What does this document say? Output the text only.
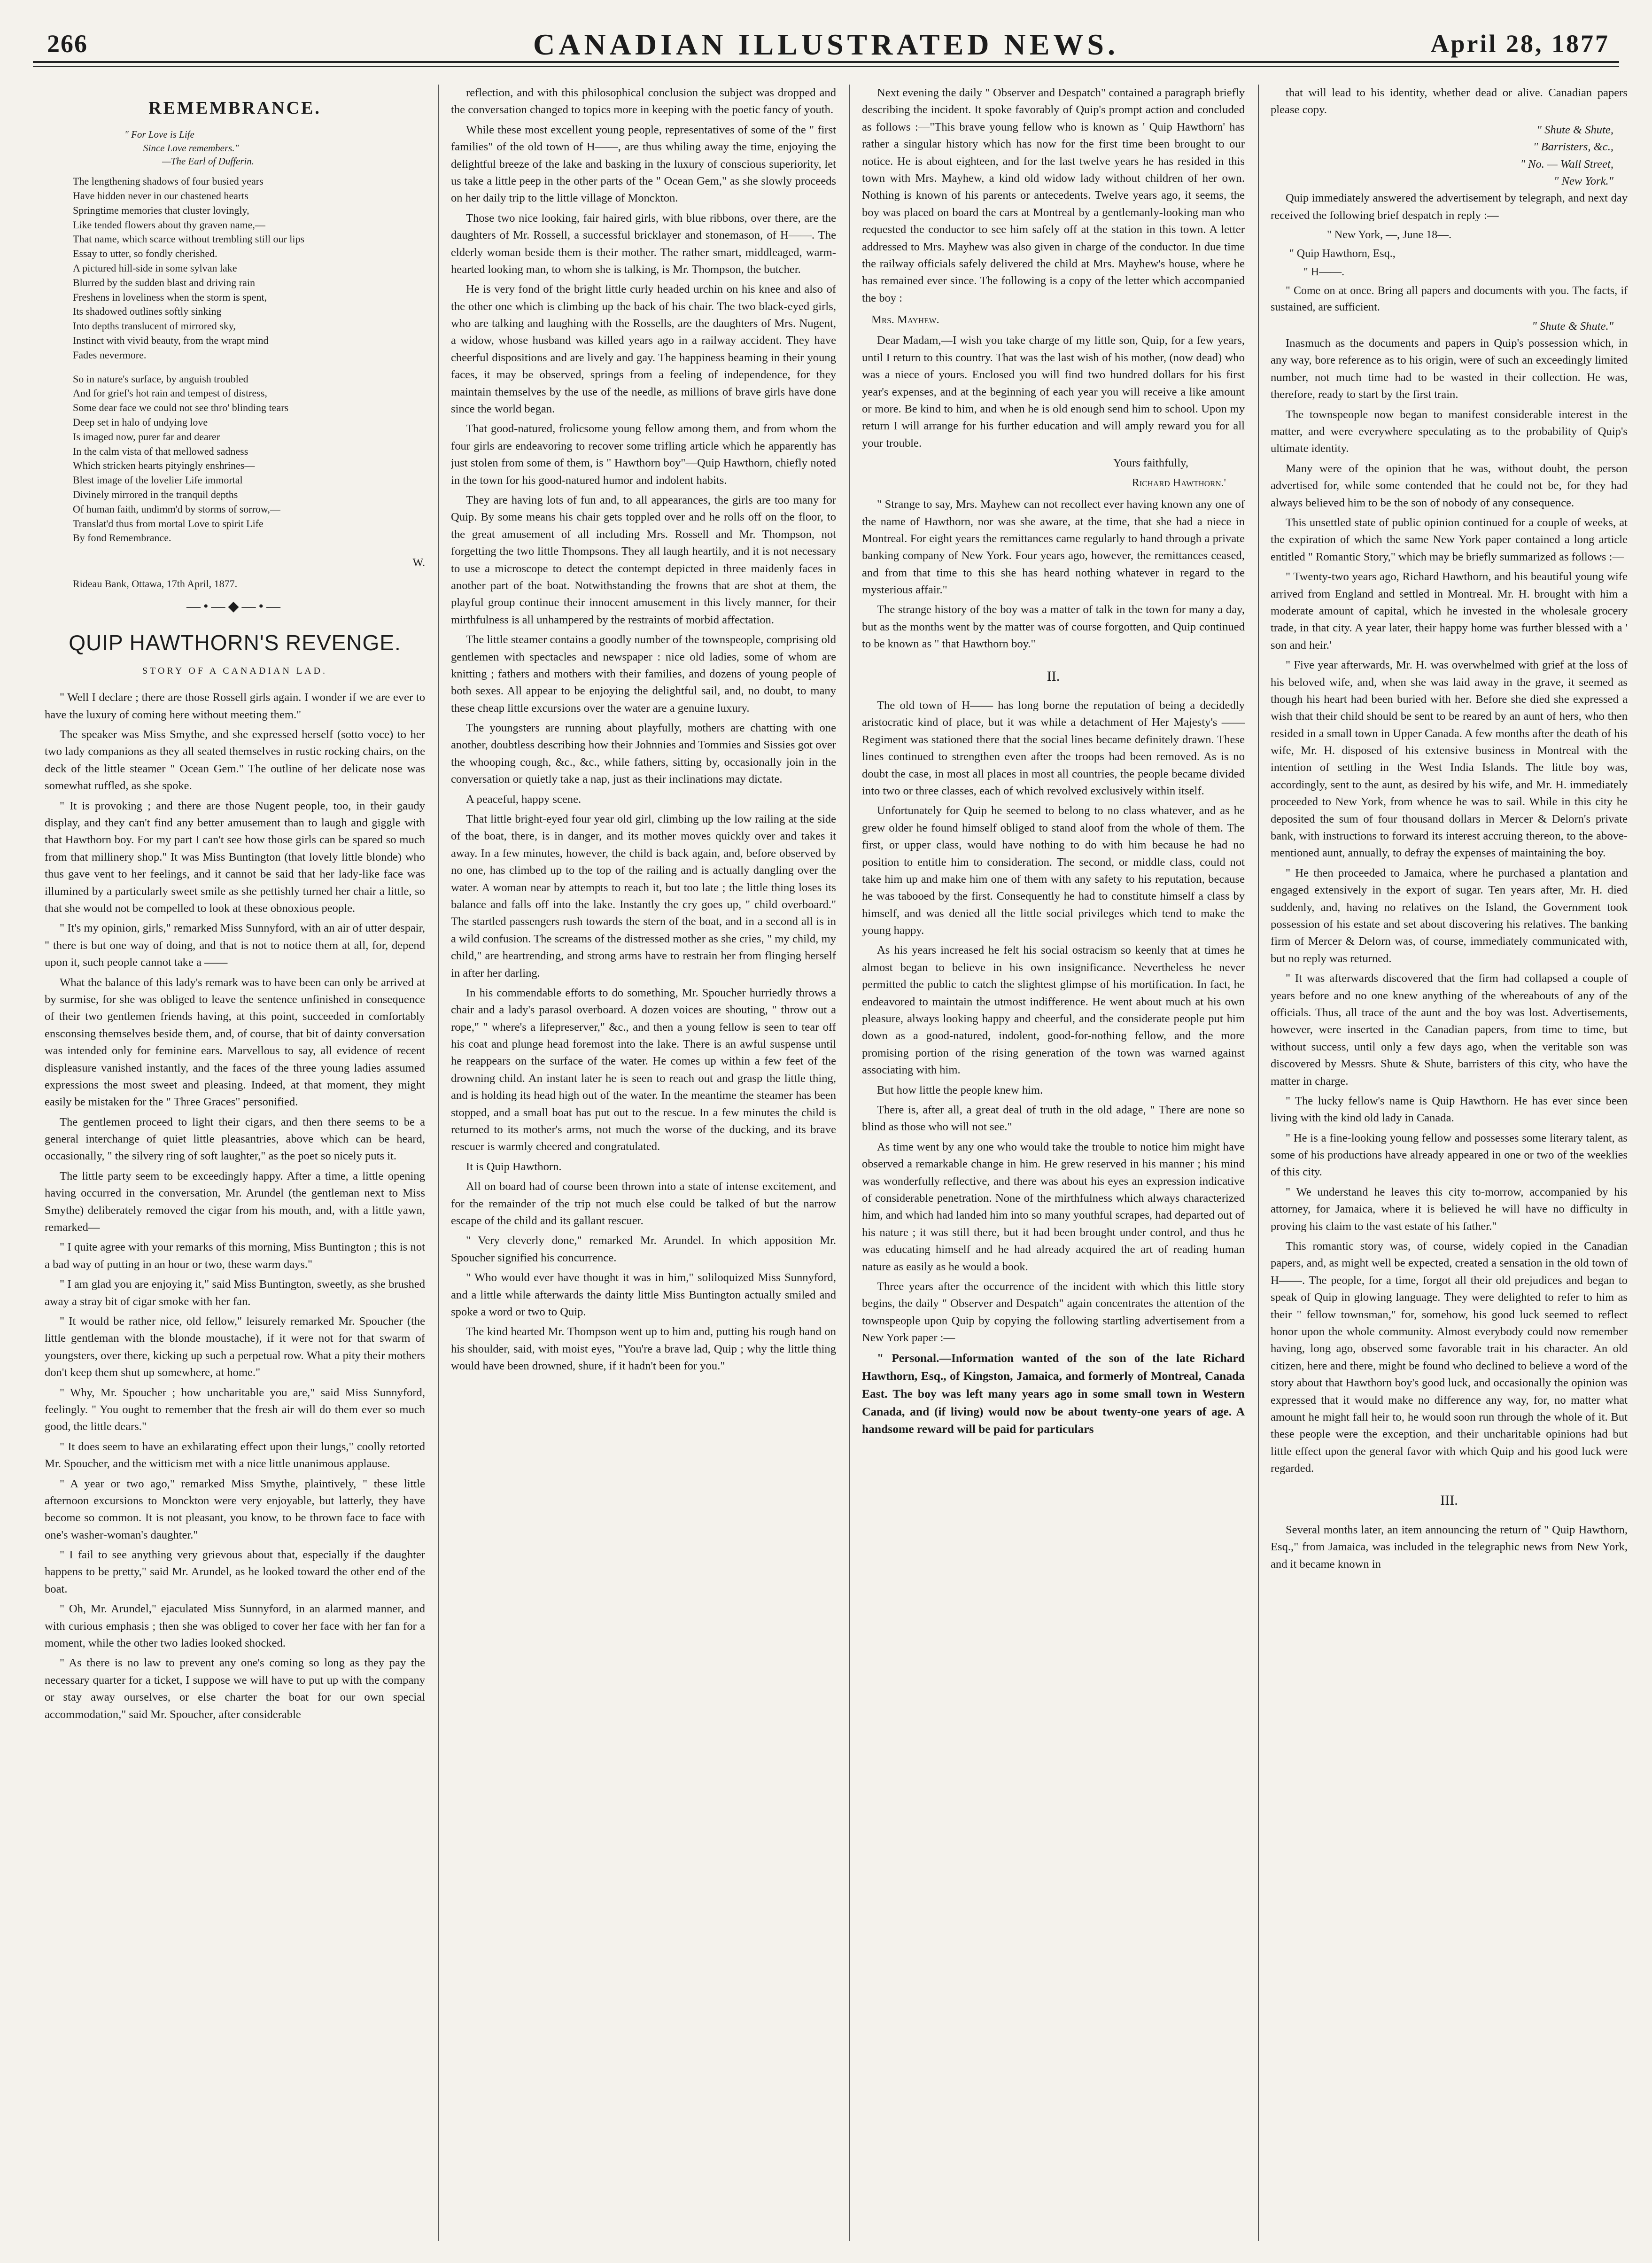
266	CANADIAN ILLUSTRATED NEWS.	April 28, 1877
REMEMBRANCE.
" For Love is Life
Since Love remembers."
—The Earl of Dufferin.
The lengthening shadows of four busied years
Have hidden never in our chastened hearts
Springtime memories that cluster lovingly,
Like tended flowers about thy graven name,—
That name, which scarce without trembling still our lips
Essay to utter, so fondly cherished.
A pictured hill-side in some sylvan lake
Blurred by the sudden blast and driving rain
Freshens in loveliness when the storm is spent,
Its shadowed outlines softly sinking
Into depths translucent of mirrored sky,
Instinct with vivid beauty, from the wrapt mind
Fades nevermore.
So in nature's surface, by anguish troubled
And for grief's hot rain and tempest of distress,
Some dear face we could not see thro' blinding tears
Deep set in halo of undying love
Is imaged now, purer far and dearer
In the calm vista of that mellowed sadness
Which stricken hearts pityingly enshrines—
Blest image of the lovelier Life immortal
Divinely mirrored in the tranquil depths
Of human faith, undimm'd by storms of sorrow,—
Translat'd thus from mortal Love to spirit Life
By fond Remembrance.
W.
Rideau Bank, Ottawa, 17th April, 1877.
—•—◆—•—
QUIP HAWTHORN'S REVENGE.
STORY OF A CANADIAN LAD.

" Well I declare ; there are those Rossell girls again. I wonder if we are ever to have the luxury of coming here without meeting them."

The speaker was Miss Smythe, and she expressed herself (sotto voce) to her two lady companions as they all seated themselves in rustic rocking chairs, on the deck of the little steamer " Ocean Gem." The outline of her delicate nose was somewhat ruffled, as she spoke.

" It is provoking ; and there are those Nugent people, too, in their gaudy display, and they can't find any better amusement than to laugh and giggle with that Hawthorn boy. For my part I can't see how those girls can be spared so much from that millinery shop." It was Miss Buntington (that lovely little blonde) who thus gave vent to her feelings, and it cannot be said that her lady-like face was illumined by a particularly sweet smile as she pettishly turned her chair a little, so that she would not be compelled to look at these obnoxious people.

" It's my opinion, girls," remarked Miss Sunnyford, with an air of utter despair, " there is but one way of doing, and that is not to notice them at all, for, depend upon it, such people cannot take a ——

What the balance of this lady's remark was to have been can only be arrived at by surmise, for she was obliged to leave the sentence unfinished in consequence of their two gentlemen friends having, at this point, succeeded in comfortably ensconsing themselves beside them, and, of course, that bit of dainty conversation was intended only for feminine ears. Marvellous to say, all evidence of recent displeasure vanished instantly, and the faces of the three young ladies assumed expressions the most sweet and pleasing. Indeed, at that moment, they might easily be mistaken for the " Three Graces" personified.

The gentlemen proceed to light their cigars, and then there seems to be a general interchange of quiet little pleasantries, above which can be heard, occasionally, " the silvery ring of soft laughter," as the poet so nicely puts it.

The little party seem to be exceedingly happy. After a time, a little opening having occurred in the conversation, Mr. Arundel (the gentleman next to Miss Smythe) deliberately removed the cigar from his mouth, and, with a little yawn, remarked—

" I quite agree with your remarks of this morning, Miss Buntington ; this is not a bad way of putting in an hour or two, these warm days."

" I am glad you are enjoying it," said Miss Buntington, sweetly, as she brushed away a stray bit of cigar smoke with her fan.

" It would be rather nice, old fellow," leisurely remarked Mr. Spoucher (the little gentleman with the blonde moustache), if it were not for that swarm of youngsters, over there, kicking up such a perpetual row. What a pity their mothers don't keep them shut up somewhere, at home."

" Why, Mr. Spoucher ; how uncharitable you are," said Miss Sunnyford, feelingly. " You ought to remember that the fresh air will do them ever so much good, the little dears."

" It does seem to have an exhilarating effect upon their lungs," coolly retorted Mr. Spoucher, and the witticism met with a nice little unanimous applause.

" A year or two ago," remarked Miss Smythe, plaintively, " these little afternoon excursions to Monckton were very enjoyable, but latterly, they have become so common. It is not pleasant, you know, to be thrown face to face with one's washer-woman's daughter."

" I fail to see anything very grievous about that, especially if the daughter happens to be pretty," said Mr. Arundel, as he looked toward the other end of the boat.

" Oh, Mr. Arundel," ejaculated Miss Sunnyford, in an alarmed manner, and with curious emphasis ; then she was obliged to cover her face with her fan for a moment, while the other two ladies looked shocked.

" As there is no law to prevent any one's coming so long as they pay the necessary quarter for a ticket, I suppose we will have to put up with the company or stay away ourselves, or else charter the boat for our own special accommodation," said Mr. Spoucher, after considerable

reflection, and with this philosophical conclusion the subject was dropped and the conversation changed to topics more in keeping with the poetic fancy of youth.

While these most excellent young people, representatives of some of the " first families" of the old town of H——, are thus whiling away the time, enjoying the delightful breeze of the lake and basking in the luxury of conscious superiority, let us take a little peep in the other parts of the " Ocean Gem," as she slowly proceeds on her daily trip to the little village of Monckton.

Those two nice looking, fair haired girls, with blue ribbons, over there, are the daughters of Mr. Rossell, a successful bricklayer and stonemason, of H——. The elderly woman beside them is their mother. The rather smart, middleaged, warm-hearted looking man, to whom she is talking, is Mr. Thompson, the butcher.

He is very fond of the bright little curly headed urchin on his knee and also of the other one which is climbing up the back of his chair. The two black-eyed girls, who are talking and laughing with the Rossells, are the daughters of Mrs. Nugent, a widow, whose husband was killed years ago in a railway accident. They have cheerful dispositions and are lively and gay. The happiness beaming in their young faces, it may be observed, springs from a feeling of independence, for they maintain themselves by the use of the needle, as millions of brave girls have done since the world began.

That good-natured, frolicsome young fellow among them, and from whom the four girls are endeavoring to recover some trifling article which he apparently has just stolen from some of them, is " Hawthorn boy"—Quip Hawthorn, chiefly noted in the town for his good-natured humor and indolent habits.

They are having lots of fun and, to all appearances, the girls are too many for Quip. By some means his chair gets toppled over and he rolls off on the floor, to the great amusement of all including Mrs. Rossell and Mr. Thompson, not forgetting the two little Thompsons. They all laugh heartily, and it is not necessary to use a microscope to detect the contempt depicted in three maidenly faces in another part of the boat. Notwithstanding the frowns that are shot at them, the playful group continue their innocent amusement in this lively manner, for their mirthfulness is all unhampered by the restraints of morbid affectation.

The little steamer contains a goodly number of the townspeople, comprising old gentlemen with spectacles and newspaper : nice old ladies, some of whom are knitting ; fathers and mothers with their families, and dozens of young people of both sexes. All appear to be enjoying the delightful sail, and, no doubt, to many these cheap little excursions over the water are a genuine luxury.

The youngsters are running about playfully, mothers are chatting with one another, doubtless describing how their Johnnies and Tommies and Sissies got over the whooping cough, &c., &c., while fathers, sitting by, occasionally join in the conversation or quietly take a nap, just as their inclinations may dictate.

A peaceful, happy scene.

That little bright-eyed four year old girl, climbing up the low railing at the side of the boat, there, is in danger, and its mother moves quickly over and takes it away. In a few minutes, however, the child is back again, and, before observed by no one, has climbed up to the top of the railing and is actually dangling over the water. A woman near by attempts to reach it, but too late ; the little thing loses its balance and falls off into the lake. Instantly the cry goes up, " child overboard." The startled passengers rush towards the stern of the boat, and in a second all is in a wild confusion. The screams of the distressed mother as she cries, " my child, my child," are heartrending, and strong arms have to restrain her from flinging herself in after her darling.

In his commendable efforts to do something, Mr. Spoucher hurriedly throws a chair and a lady's parasol overboard. A dozen voices are shouting, " throw out a rope," " where's a lifepreserver," &c., and then a young fellow is seen to tear off his coat and plunge head foremost into the lake. There is an awful suspense until he reappears on the surface of the water. He comes up within a few feet of the drowning child. An instant later he is seen to reach out and grasp the little thing, and is holding its head high out of the water. In the meantime the steamer has been stopped, and a small boat has put out to the rescue. In a few minutes the child is returned to its mother's arms, not much the worse of the ducking, and its brave rescuer is warmly cheered and congratulated.

It is Quip Hawthorn.

All on board had of course been thrown into a state of intense excitement, and for the remainder of the trip not much else could be talked of but the narrow escape of the child and its gallant rescuer.

" Very cleverly done," remarked Mr. Arundel. In which apposition Mr. Spoucher signified his concurrence.

" Who would ever have thought it was in him," soliloquized Miss Sunnyford, and a little while afterwards the dainty little Miss Buntington actually smiled and spoke a word or two to Quip.

The kind hearted Mr. Thompson went up to him and, putting his rough hand on his shoulder, said, with moist eyes, "You're a brave lad, Quip ; why the little thing would have been drowned, shure, if it hadn't been for you."

Next evening the daily " Observer and Despatch" contained a paragraph briefly describing the incident. It spoke favorably of Quip's prompt action and concluded as follows :—"This brave young fellow who is known as ' Quip Hawthorn' has rather a singular history which has now for the first time been brought to our notice. He is about eighteen, and for the last twelve years he has resided in this town with Mrs. Mayhew, a kind old widow lady without children of her own. Nothing is known of his parents or antecedents. Twelve years ago, it seems, the boy was placed on board the cars at Montreal by a gentlemanly-looking man who requested the conductor to see him safely off at the station in this town. A letter addressed to Mrs. Mayhew was also given in charge of the conductor. In due time the railway officials safely delivered the child at Mrs. Mayhew's house, where he has remained ever since. The following is a copy of the letter which accompanied the boy :

Mrs. Mayhew.

Dear Madam,—I wish you take charge of my little son, Quip, for a few years, until I return to this country. That was the last wish of his mother, (now dead) who was a niece of yours. Enclosed you will find two hundred dollars for his first year's expenses, and at the beginning of each year you will receive a like amount or more. Be kind to him, and when he is old enough send him to school. Upon my return I will arrange for his further education and will amply reward you for all your trouble.

Yours faithfully,

Richard Hawthorn.'

" Strange to say, Mrs. Mayhew can not recollect ever having known any one of the name of Hawthorn, nor was she aware, at the time, that she had a niece in Montreal. For eight years the remittances came regularly to hand through a private banking company of New York. Four years ago, however, the remittances ceased, and from that time to this she has heard nothing whatever in regard to the mysterious affair."

The strange history of the boy was a matter of talk in the town for many a day, but as the months went by the matter was of course forgotten, and Quip continued to be known as " that Hawthorn boy."

II.

The old town of H—— has long borne the reputation of being a decidedly aristocratic kind of place, but it was while a detachment of Her Majesty's —— Regiment was stationed there that the social lines became definitely drawn. These lines continued to strengthen even after the troops had been removed. As is no doubt the case, in most all places in most all countries, the people became divided into two or three classes, each of which revolved exclusively within itself.

Unfortunately for Quip he seemed to belong to no class whatever, and as he grew older he found himself obliged to stand aloof from the whole of them. The first, or upper class, would have nothing to do with him because he had no position to entitle him to consideration. The second, or middle class, could not take him up and make him one of them with any safety to his reputation, because he was tabooed by the first. Consequently he had to constitute himself a class by himself, and was denied all the little social privileges which tend to make the young happy.

As his years increased he felt his social ostracism so keenly that at times he almost began to believe in his own insignificance. Nevertheless he never permitted the public to catch the slightest glimpse of his mortification. In fact, he endeavored to maintain the utmost indifference. He went about much at his own pleasure, always looking happy and cheerful, and the considerate people put him down as a good-natured, indolent, good-for-nothing fellow, and the more promising portion of the rising generation of the town was warned against associating with him.

But how little the people knew him.

There is, after all, a great deal of truth in the old adage, " There are none so blind as those who will not see."

As time went by any one who would take the trouble to notice him might have observed a remarkable change in him. He grew reserved in his manner ; his mind was wonderfully reflective, and there was about his eyes an expression indicative of considerable penetration. None of the mirthfulness which always characterized him, and which had landed him into so many youthful scrapes, had departed out of his nature ; it was still there, but it had been brought under control, and thus he was educating himself and he had already acquired the art of reading human nature as easily as he would a book.

Three years after the occurrence of the incident with which this little story begins, the daily " Observer and Despatch" again concentrates the attention of the townspeople upon Quip by copying the following startling advertisement from a New York paper :—

" Personal.—Information wanted of the son of the late Richard Hawthorn, Esq., of Kingston, Jamaica, and formerly of Montreal, Canada East. The boy was left many years ago in some small town in Western Canada, and (if living) would now be about twenty-one years of age. A handsome reward will be paid for particulars

that will lead to his identity, whether dead or alive. Canadian papers please copy.

" Shute & Shute,

" Barristers, &c.,

" No. — Wall Street,

" New York."

Quip immediately answered the advertisement by telegraph, and next day received the following brief despatch in reply :—

" New York, —, June 18—.

" Quip Hawthorn, Esq.,

" H——.

" Come on at once. Bring all papers and documents with you. The facts, if sustained, are sufficient.

" Shute & Shute."

Inasmuch as the documents and papers in Quip's possession which, in any way, bore reference as to his origin, were of such an exceedingly limited number, not much time had to be wasted in their collection. He was, therefore, ready to start by the first train.

The townspeople now began to manifest considerable interest in the matter, and were everywhere speculating as to the probability of Quip's ultimate identity.

Many were of the opinion that he was, without doubt, the person advertised for, while some contended that he could not be, for they had always believed him to be the son of nobody of any consequence.

This unsettled state of public opinion continued for a couple of weeks, at the expiration of which the same New York paper contained a long article entitled " Romantic Story," which may be briefly summarized as follows :—

" Twenty-two years ago, Richard Hawthorn, and his beautiful young wife arrived from England and settled in Montreal. Mr. H. brought with him a moderate amount of capital, which he invested in the wholesale grocery trade, in that city. A year later, their happy home was further blessed with a ' son and heir.'

" Five year afterwards, Mr. H. was overwhelmed with grief at the loss of his beloved wife, and, when she was laid away in the grave, it seemed as though his heart had been buried with her. Before she died she expressed a wish that their child should be sent to be reared by an aunt of hers, who then resided in a small town in Upper Canada. A few months after the death of his wife, Mr. H. disposed of his extensive business in Montreal with the intention of settling in the West India Islands. The little boy was, accordingly, sent to the aunt, as desired by his wife, and Mr. H. immediately proceeded to New York, from whence he was to sail. While in this city he deposited the sum of four thousand dollars in Mercer & Delorn's private bank, with instructions to forward its interest accruing thereon, to the above-mentioned aunt, annually, to defray the expenses of maintaining the boy.

" He then proceeded to Jamaica, where he purchased a plantation and engaged extensively in the export of sugar. Ten years after, Mr. H. died suddenly, and, having no relatives on the Island, the Government took possession of his estate and set about discovering his relatives. The banking firm of Mercer & Delorn was, of course, immediately communicated with, but no reply was returned.

" It was afterwards discovered that the firm had collapsed a couple of years before and no one knew anything of the whereabouts of any of the officials. Thus, all trace of the aunt and the boy was lost. Advertisements, however, were inserted in the Canadian papers, from time to time, but without success, until only a few days ago, when the veritable son was discovered by Messrs. Shute & Shute, barristers of this city, who have the matter in charge.

" The lucky fellow's name is Quip Hawthorn. He has ever since been living with the kind old lady in Canada.

" He is a fine-looking young fellow and possesses some literary talent, as some of his productions have already appeared in one or two of the weeklies of this city.

" We understand he leaves this city to-morrow, accompanied by his attorney, for Jamaica, where it is believed he will have no difficulty in proving his claim to the vast estate of his father."

This romantic story was, of course, widely copied in the Canadian papers, and, as might well be expected, created a sensation in the old town of H——. The people, for a time, forgot all their old prejudices and began to speak of Quip in glowing language. They were delighted to refer to him as their " fellow townsman," for, somehow, his good luck seemed to reflect honor upon the whole community. Almost everybody could now remember having, long ago, observed some favorable trait in his character. An old citizen, here and there, might be found who declined to believe a word of the story about that Hawthorn boy's good luck, and occasionally the opinion was expressed that it would make no difference any way, for, no matter what amount he might fall heir to, he would soon run through the whole of it. But these people were the exception, and their uncharitable opinions had but little effect upon the general favor with which Quip and his good luck were regarded.

III.

Several months later, an item announcing the return of " Quip Hawthorn, Esq.," from Jamaica, was included in the telegraphic news from New York, and it became known in
